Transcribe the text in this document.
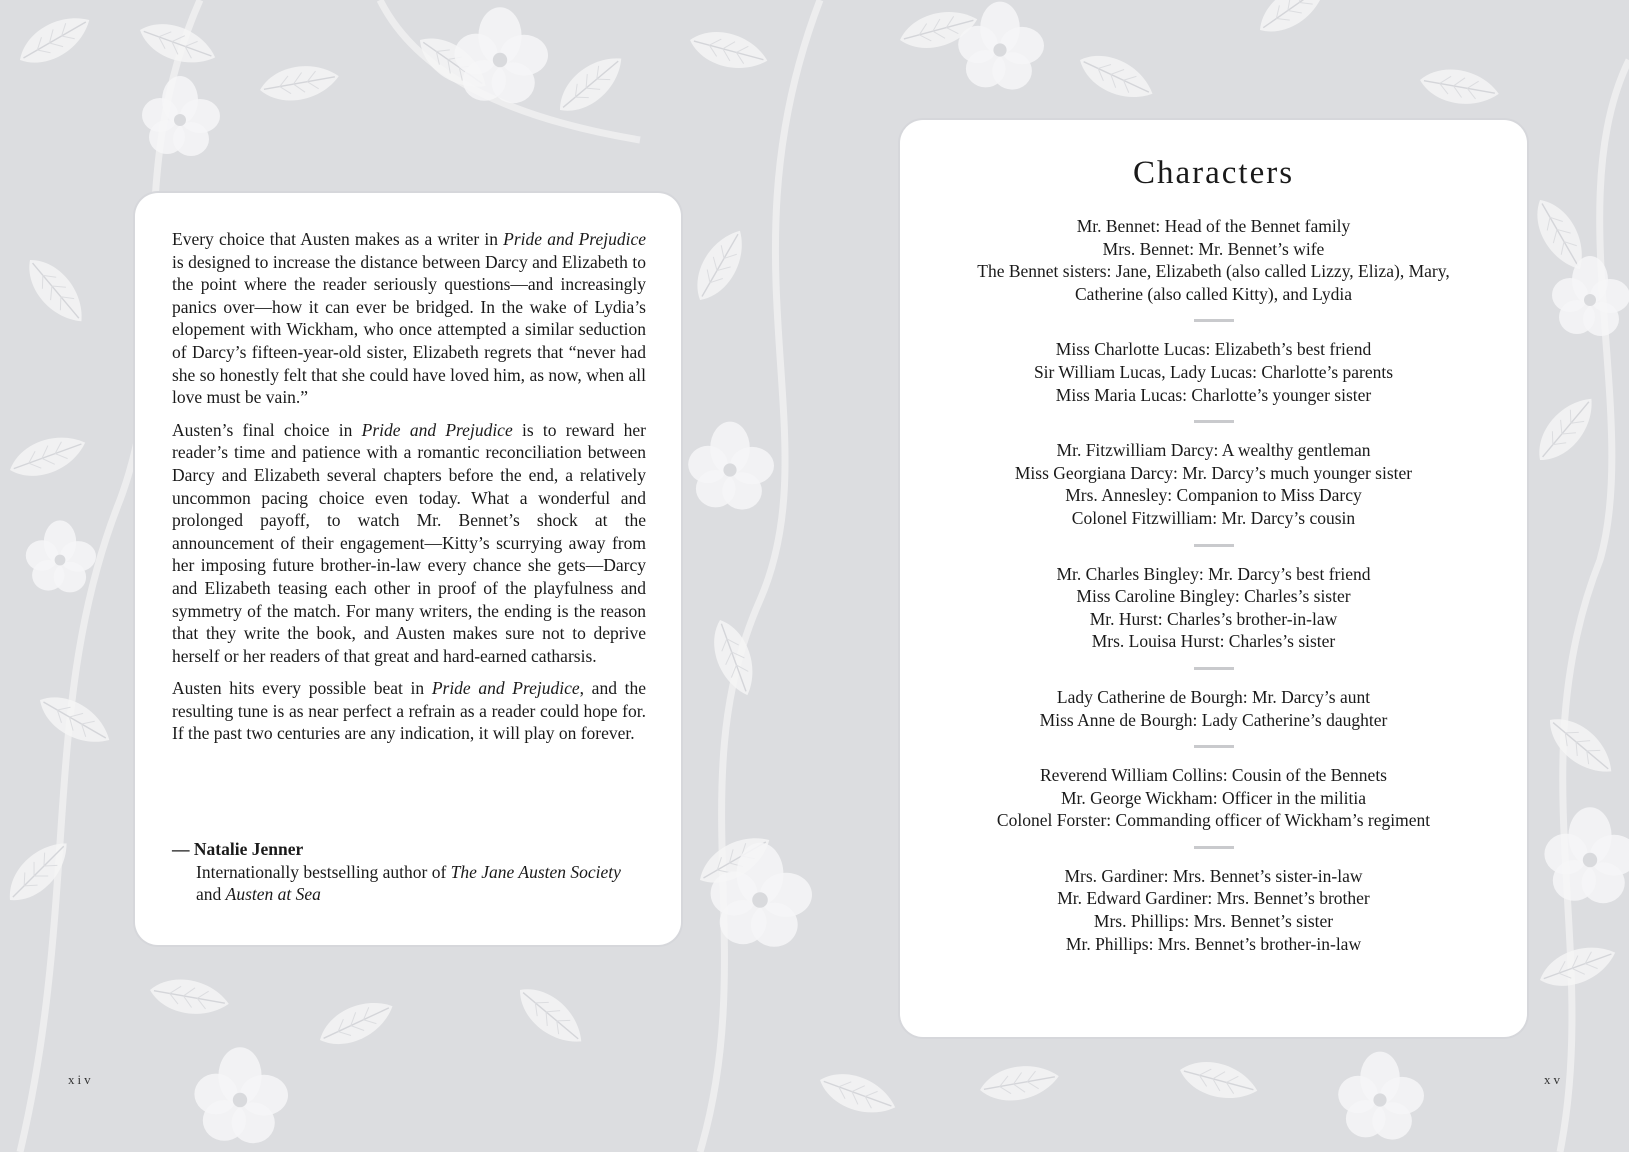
Every choice that Austen makes as a writer in Pride and Prejudice is designed to increase the distance between Darcy and Elizabeth to the point where the reader seriously questions—and increasingly panics over—how it can ever be bridged. In the wake of Lydia’s elopement with Wickham, who once attempted a similar seduction of Darcy’s fifteen-year-old sister, Elizabeth regrets that “never had she so honestly felt that she could have loved him, as now, when all love must be vain.”

Austen’s final choice in Pride and Prejudice is to reward her reader’s time and patience with a romantic reconciliation between Darcy and Elizabeth several chapters before the end, a relatively uncommon pacing choice even today. What a wonderful and prolonged payoff, to watch Mr. Bennet’s shock at the announcement of their engagement—Kitty’s scurrying away from her imposing future brother-in-law every chance she gets—Darcy and Elizabeth teasing each other in proof of the playfulness and symmetry of the match. For many writers, the ending is the reason that they write the book, and Austen makes sure not to deprive herself or her readers of that great and hard-earned catharsis.

Austen hits every possible beat in Pride and Prejudice, and the resulting tune is as near perfect a refrain as a reader could hope for. If the past two centuries are any indication, it will play on forever.

— Natalie Jenner
Internationally bestselling author of The Jane Austen Society
and Austen at Sea
Characters
Mr. Bennet: Head of the Bennet family
Mrs. Bennet: Mr. Bennet’s wife
The Bennet sisters: Jane, Elizabeth (also called Lizzy, Eliza), Mary,
Catherine (also called Kitty), and Lydia
Miss Charlotte Lucas: Elizabeth’s best friend
Sir William Lucas, Lady Lucas: Charlotte’s parents
Miss Maria Lucas: Charlotte’s younger sister
Mr. Fitzwilliam Darcy: A wealthy gentleman
Miss Georgiana Darcy: Mr. Darcy’s much younger sister
Mrs. Annesley: Companion to Miss Darcy
Colonel Fitzwilliam: Mr. Darcy’s cousin
Mr. Charles Bingley: Mr. Darcy’s best friend
Miss Caroline Bingley: Charles’s sister
Mr. Hurst: Charles’s brother-in-law
Mrs. Louisa Hurst: Charles’s sister
Lady Catherine de Bourgh: Mr. Darcy’s aunt
Miss Anne de Bourgh: Lady Catherine’s daughter
Reverend William Collins: Cousin of the Bennets
Mr. George Wickham: Officer in the militia
Colonel Forster: Commanding officer of Wickham’s regiment
Mrs. Gardiner: Mrs. Bennet’s sister-in-law
Mr. Edward Gardiner: Mrs. Bennet’s brother
Mrs. Phillips: Mrs. Bennet’s sister
Mr. Phillips: Mrs. Bennet’s brother-in-law
xiv	xv
